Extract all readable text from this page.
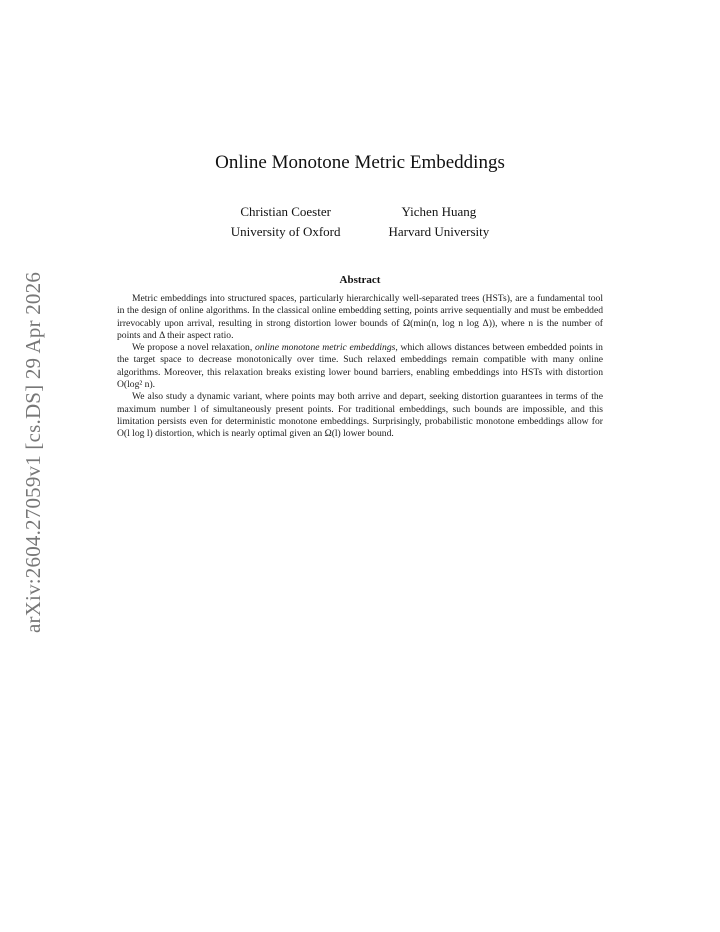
arXiv:2604.27059v1 [cs.DS] 29 Apr 2026
Online Monotone Metric Embeddings
Christian Coester
University of Oxford
Yichen Huang
Harvard University
Abstract

Metric embeddings into structured spaces, particularly hierarchically well-separated trees (HSTs), are a fundamental tool in the design of online algorithms. In the classical online embedding setting, points arrive sequentially and must be embedded irrevocably upon arrival, resulting in strong distortion lower bounds of Ω(min(n, log n log Δ)), where n is the number of points and Δ their aspect ratio.

We propose a novel relaxation, online monotone metric embeddings, which allows distances between embedded points in the target space to decrease monotonically over time. Such relaxed embeddings remain compatible with many online algorithms. Moreover, this relaxation breaks existing lower bound barriers, enabling embeddings into HSTs with distortion O(log² n).

We also study a dynamic variant, where points may both arrive and depart, seeking distortion guarantees in terms of the maximum number l of simultaneously present points. For traditional embeddings, such bounds are impossible, and this limitation persists even for deterministic monotone embeddings. Surprisingly, probabilistic monotone embeddings allow for O(l log l) distortion, which is nearly optimal given an Ω(l) lower bound.
